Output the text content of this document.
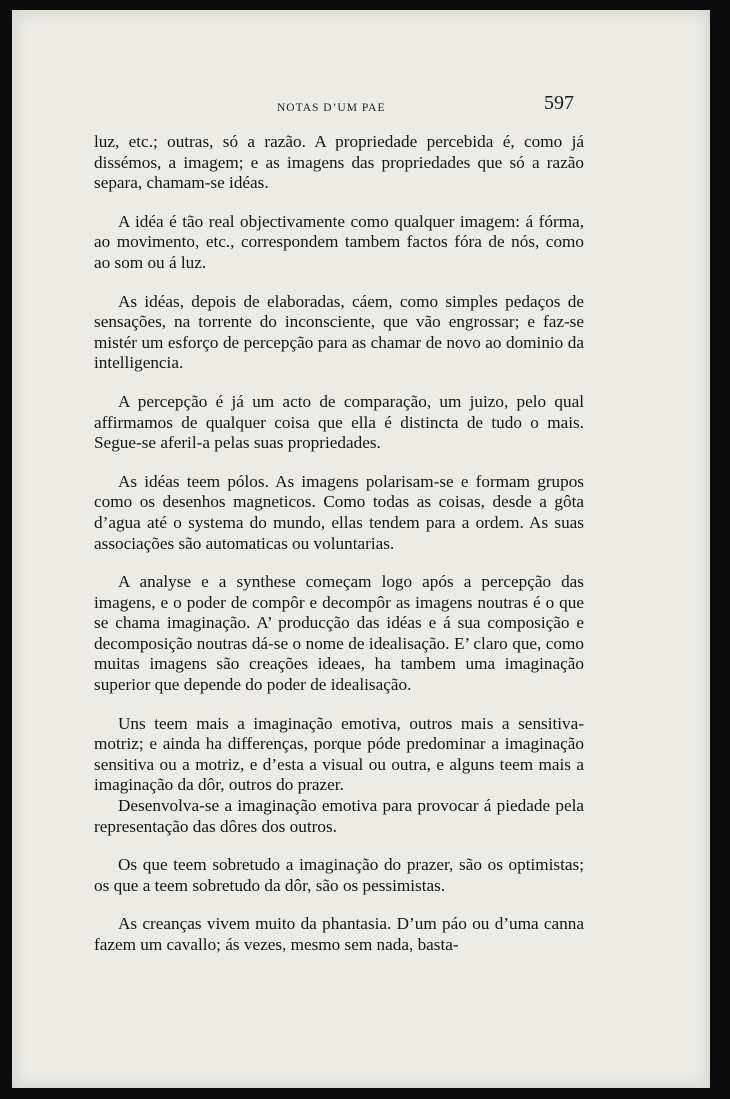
NOTAS D’UM PAE	597

luz, etc.; outras, só a razão. A propriedade percebida é, como já dissémos, a imagem; e as imagens das propriedades que só a razão separa, chamam-se idéas.

A idéa é tão real objectivamente como qualquer imagem: á fórma, ao movimento, etc., correspondem tambem factos fóra de nós, como ao som ou á luz.

As idéas, depois de elaboradas, cáem, como simples pedaços de sensações, na torrente do inconsciente, que vão engrossar; e faz-se mistér um esforço de percepção para as chamar de novo ao dominio da intelligencia.

A percepção é já um acto de comparação, um juizo, pelo qual affirmamos de qualquer coisa que ella é distincta de tudo o mais. Segue-se aferil-a pelas suas propriedades.

As idéas teem pólos. As imagens polarisam-se e formam grupos como os desenhos magneticos. Como todas as coisas, desde a gôta d’agua até o systema do mundo, ellas tendem para a ordem. As suas associações são automaticas ou voluntarias.

A analyse e a synthese começam logo após a percepção das imagens, e o poder de compôr e decompôr as imagens noutras é o que se chama imaginação. A’ producção das idéas e á sua composição e decomposição noutras dá-se o nome de idealisação. E’ claro que, como muitas imagens são creações ideaes, ha tambem uma imaginação superior que depende do poder de idealisação.

Uns teem mais a imaginação emotiva, outros mais a sensitiva-motriz; e ainda ha differenças, porque póde predominar a imaginação sensitiva ou a motriz, e d’esta a visual ou outra, e alguns teem mais a imaginação da dôr, outros do prazer.

Desenvolva-se a imaginação emotiva para provocar á piedade pela representação das dôres dos outros.

Os que teem sobretudo a imaginação do prazer, são os optimistas; os que a teem sobretudo da dôr, são os pessimistas.

As creanças vivem muito da phantasia. D’um páo ou d’uma canna fazem um cavallo; ás vezes, mesmo sem nada, basta-
